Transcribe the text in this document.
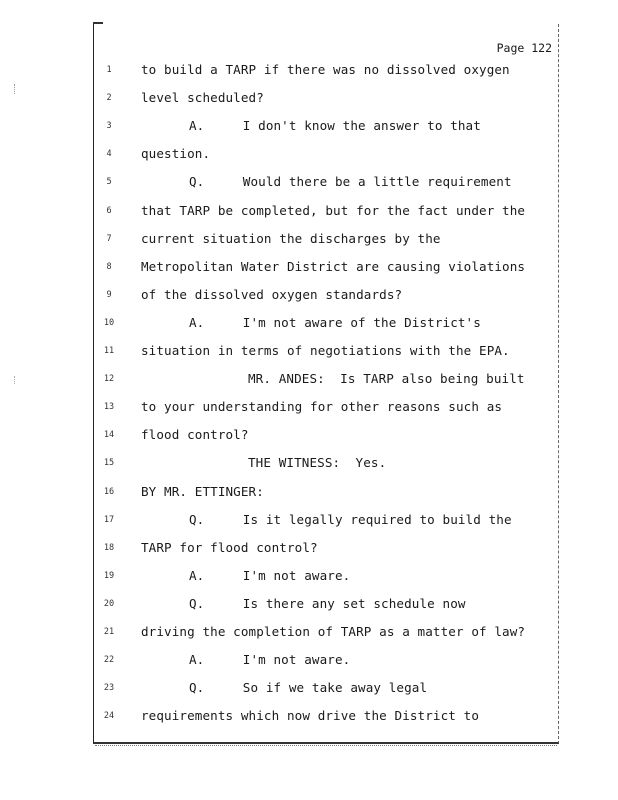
Page 122
1	to build a TARP if there was no dissolved oxygen
2	level scheduled?
3	A.     I don't know the answer to that
4	question.
5	Q.     Would there be a little requirement
6	that TARP be completed, but for the fact under the
7	current situation the discharges by the
8	Metropolitan Water District are causing violations
9	of the dissolved oxygen standards?
10	A.     I'm not aware of the District's
11	situation in terms of negotiations with the EPA.
12	MR. ANDES:  Is TARP also being built
13	to your understanding for other reasons such as
14	flood control?
15	THE WITNESS:  Yes.
16	BY MR. ETTINGER:
17	Q.     Is it legally required to build the
18	TARP for flood control?
19	A.     I'm not aware.
20	Q.     Is there any set schedule now
21	driving the completion of TARP as a matter of law?
22	A.     I'm not aware.
23	Q.     So if we take away legal
24	requirements which now drive the District to
